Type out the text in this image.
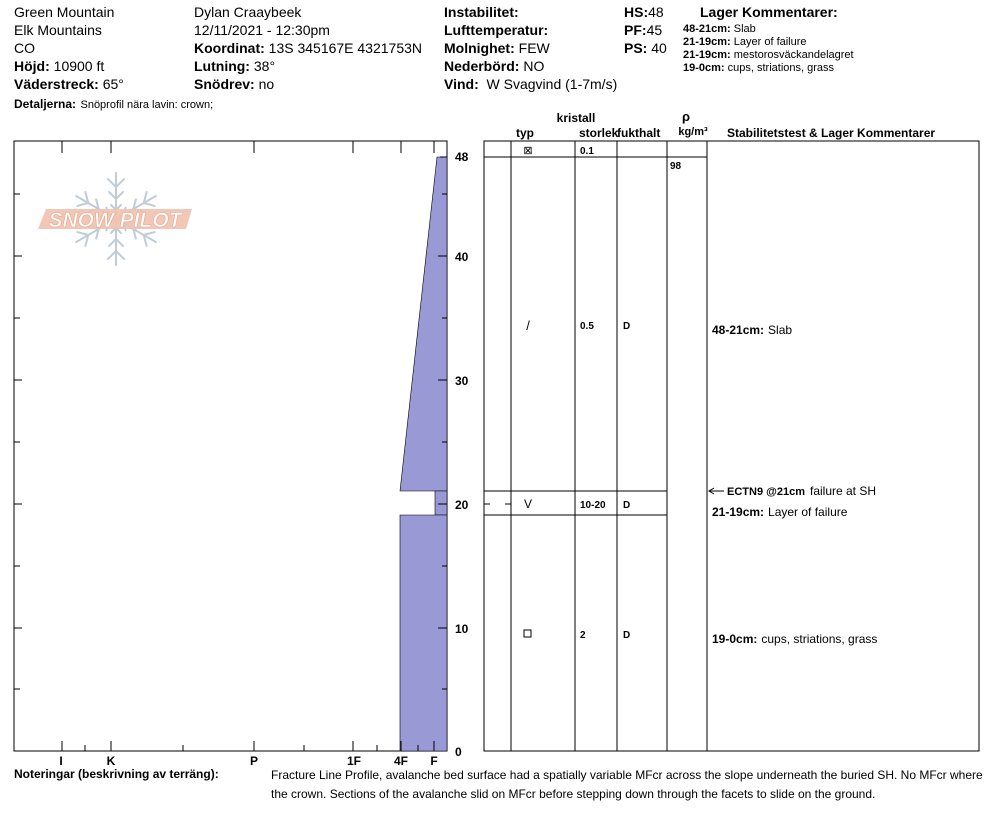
Green Mountain
Elk Mountains
CO
Höjd: 10900 ft
Väderstreck: 65°
Detaljerna: Snöprofil nära lavin: crown;
Dylan Craaybeek
12/11/2021 - 12:30pm
Koordinat: 13S 345167E 4321753N
Lutning: 38°
Snödrev: no
Instabilitet:
Lufttemperatur:
Molnighet: FEW
Nederbörd: NO
Vind: W Svagvind (1-7m/s)
HS:48
PF:45
PS: 40
Lager Kommentarer:
48-21cm: Slab
21-19cm: Layer of failure
21-19cm: mestorosväckandelagret
19-0cm: cups, striations, grass
SNOW PILOT
I	K	P	1F	4F F
48
40
30
20
10
0
kristall
typ	storlek
fukthalt
ρ
kg/m³ Stabilitetstest & Lager Kommentarer
⊠	0.1
98
/	0.5	D	48-21cm: Slab
V	10-20 D	21-19cm: Layer of failure
2	D	19-0cm: cups, striations, grass
ECTN9 @21cm failure at SH
Noteringar (beskrivning av terräng):	Fracture Line Profile, avalanche bed surface had a spatially variable MFcr across the slope underneath the buried SH. No MFcr where
the crown. Sections of the avalanche slid on MFcr before stepping down through the facets to slide on the ground.
